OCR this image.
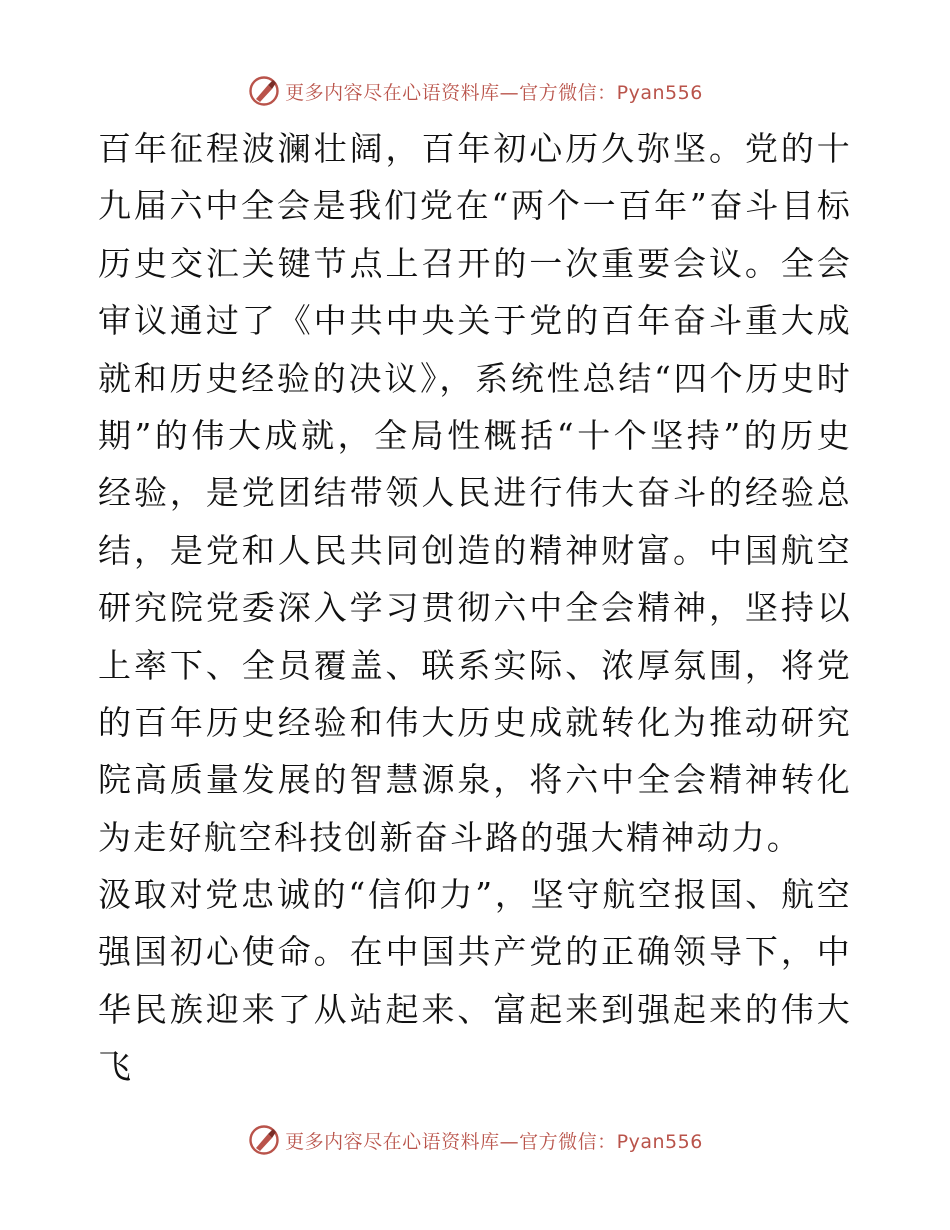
更多内容尽在心语资料库—官方微信：Pyan556

百年征程波澜壮阔，百年初心历久弥坚。党的十九届六中全会是我们党在“两个一百年”奋斗目标历史交汇关键节点上召开的一次重要会议。全会审议通过了《中共中央关于党的百年奋斗重大成就和历史经验的决议》，系统性总结“四个历史时期”的伟大成就，全局性概括“十个坚持”的历史经验，是党团结带领人民进行伟大奋斗的经验总结，是党和人民共同创造的精神财富。中国航空研究院党委深入学习贯彻六中全会精神，坚持以上率下、全员覆盖、联系实际、浓厚氛围，将党的百年历史经验和伟大历史成就转化为推动研究院高质量发展的智慧源泉，将六中全会精神转化为走好航空科技创新奋斗路的强大精神动力。

汲取对党忠诚的“信仰力”，坚守航空报国、航空强国初心使命。在中国共产党的正确领导下，中华民族迎来了从站起来、富起来到强起来的伟大飞

更多内容尽在心语资料库—官方微信：Pyan556
